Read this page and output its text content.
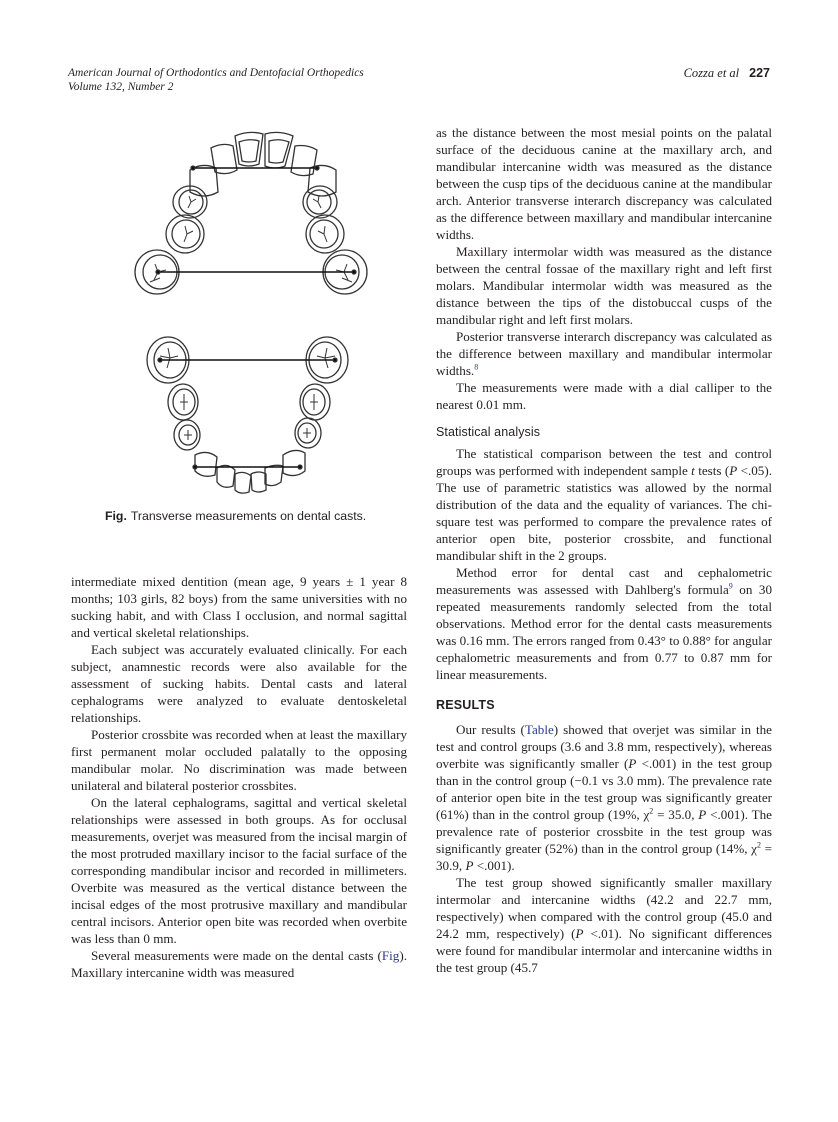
American Journal of Orthodontics and Dentofacial Orthopedics
Volume 132, Number 2
Cozza et al 227
Fig. Transverse measurements on dental casts.

intermediate mixed dentition (mean age, 9 years ± 1 year 8 months; 103 girls, 82 boys) from the same universities with no sucking habit, and with Class I occlusion, and normal sagittal and vertical skeletal relationships.

Each subject was accurately evaluated clinically. For each subject, anamnestic records were also available for the assessment of sucking habits. Dental casts and lateral cephalograms were analyzed to evaluate dentoskeletal relationships.

Posterior crossbite was recorded when at least the maxillary first permanent molar occluded palatally to the opposing mandibular molar. No discrimination was made between unilateral and bilateral posterior crossbites.

On the lateral cephalograms, sagittal and vertical skeletal relationships were assessed in both groups. As for occlusal measurements, overjet was measured from the incisal margin of the most protruded maxillary incisor to the facial surface of the corresponding mandibular incisor and recorded in millimeters. Overbite was measured as the vertical distance between the incisal edges of the most protrusive maxillary and mandibular central incisors. Anterior open bite was recorded when overbite was less than 0 mm.

Several measurements were made on the dental casts (Fig). Maxillary intercanine width was measured

as the distance between the most mesial points on the palatal surface of the deciduous canine at the maxillary arch, and mandibular intercanine width was measured as the distance between the cusp tips of the deciduous canine at the mandibular arch. Anterior transverse interarch discrepancy was calculated as the difference between maxillary and mandibular intercanine widths.

Maxillary intermolar width was measured as the distance between the central fossae of the maxillary right and left first molars. Mandibular intermolar width was measured as the distance between the tips of the distobuccal cusps of the mandibular right and left first molars.

Posterior transverse interarch discrepancy was calculated as the difference between maxillary and mandibular intermolar widths.$^8$

The measurements were made with a dial calliper to the nearest 0.01 mm.

Statistical analysis

The statistical comparison between the test and control groups was performed with independent sample t tests (P <.05). The use of parametric statistics was allowed by the normal distribution of the data and the equality of variances. The chi-square test was performed to compare the prevalence rates of anterior open bite, posterior crossbite, and functional mandibular shift in the 2 groups.

Method error for dental cast and cephalometric measurements was assessed with Dahlberg's formula$^9$ on 30 repeated measurements randomly selected from the total observations. Method error for the dental casts measurements was 0.16 mm. The errors ranged from 0.43° to 0.88° for angular cephalometric measurements and from 0.77 to 0.87 mm for linear measurements.

RESULTS

Our results (Table) showed that overjet was similar in the test and control groups (3.6 and 3.8 mm, respectively), whereas overbite was significantly smaller (P <.001) in the test group than in the control group (−0.1 vs 3.0 mm). The prevalence rate of anterior open bite in the test group was significantly greater (61%) than in the control group (19%, $\chi^2 = 35.0$, P <.001). The prevalence rate of posterior crossbite in the test group was significantly greater (52%) than in the control group (14%, $\chi^2 = 30.9$, P <.001).

The test group showed significantly smaller maxillary intermolar and intercanine widths (42.2 and 22.7 mm, respectively) when compared with the control group (45.0 and 24.2 mm, respectively) (P <.01). No significant differences were found for mandibular intermolar and intercanine widths in the test group (45.7
